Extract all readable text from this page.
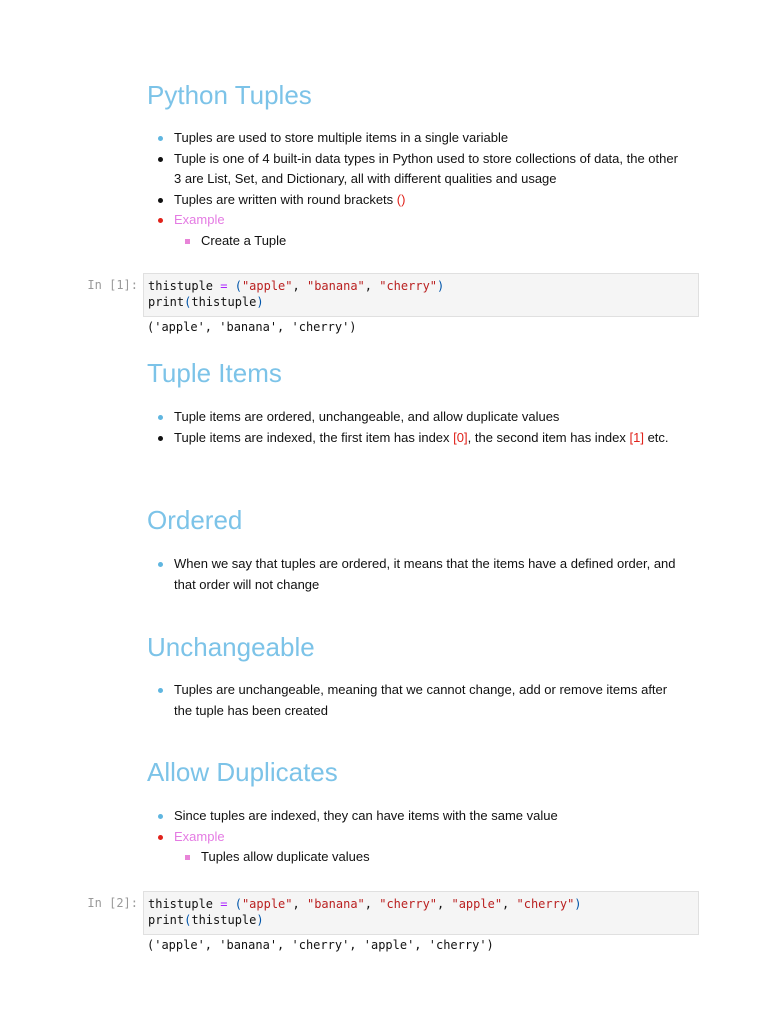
Python Tuples
Tuples are used to store multiple items in a single variable
Tuple is one of 4 built-in data types in Python used to store collections of data, the other 3 are List, Set, and Dictionary, all with different qualities and usage
Tuples are written with round brackets ()
Example
Create a Tuple
In [1]: thistuple = ("apple", "banana", "cherry")
print(thistuple)
('apple', 'banana', 'cherry')
Tuple Items
Tuple items are ordered, unchangeable, and allow duplicate values
Tuple items are indexed, the first item has index [0], the second item has index [1] etc.
Ordered
When we say that tuples are ordered, it means that the items have a defined order, and that order will not change
Unchangeable
Tuples are unchangeable, meaning that we cannot change, add or remove items after the tuple has been created
Allow Duplicates
Since tuples are indexed, they can have items with the same value
Example
Tuples allow duplicate values
In [2]: thistuple = ("apple", "banana", "cherry", "apple", "cherry")
print(thistuple)
('apple', 'banana', 'cherry', 'apple', 'cherry')
